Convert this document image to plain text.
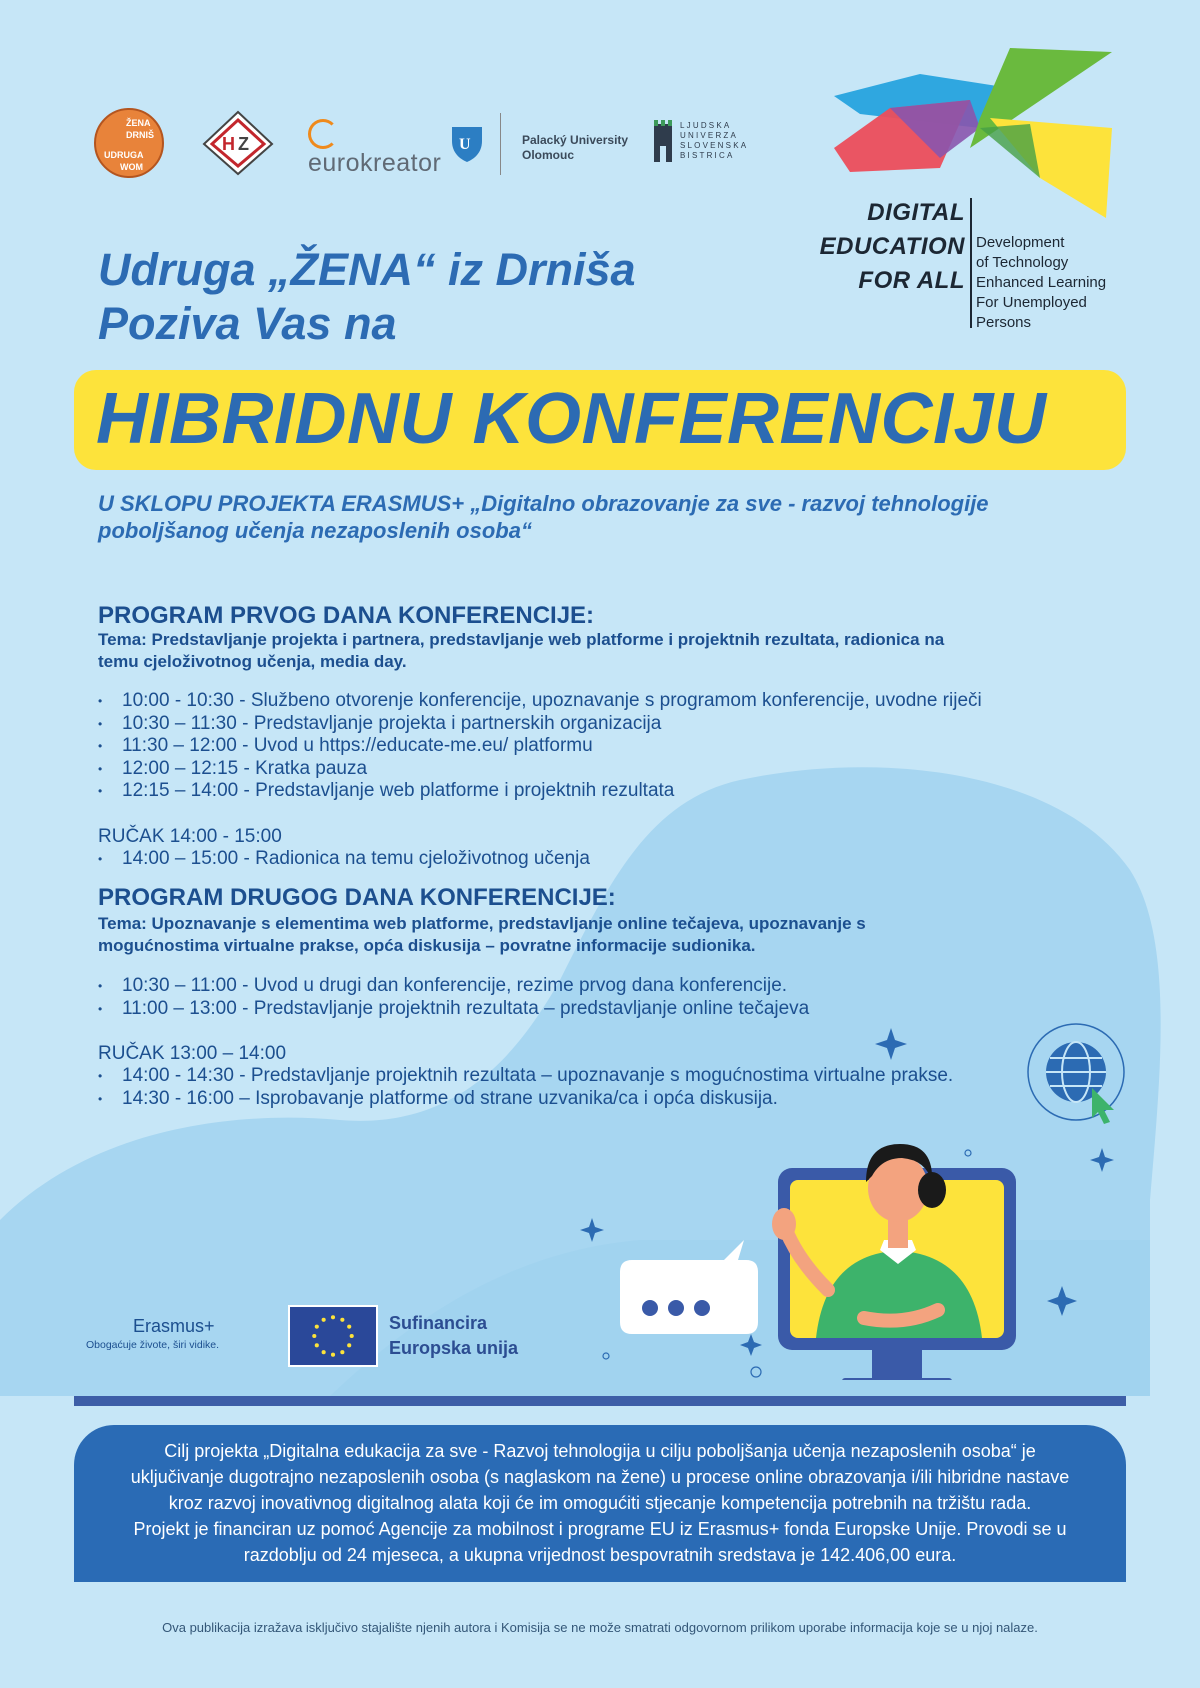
ŽENA
DRNIŠ
UDRUGA
WOM
H Z
eurokreator
U	Palacký University
Olomouc
LJUDSKA
UNIVERZA
SLOVENSKA
BISTRICA
DIGITAL
EDUCATION
FOR ALL
Development
of Technology
Enhanced Learning
For Unemployed
Persons
Udruga „ŽENA“ iz Drniša
Poziva Vas na
HIBRIDNU KONFERENCIJU
U SKLOPU PROJEKTA ERASMUS+ „Digitalno obrazovanje za sve - razvoj tehnologije poboljšanog učenja nezaposlenih osoba“
PROGRAM PRVOG DANA KONFERENCIJE:
Tema: Predstavljanje projekta i partnera, predstavljanje web platforme i projektnih rezultata, radionica na temu cjeloživotnog učenja, media day.
• 10:00 - 10:30 - Službeno otvorenje konferencije, upoznavanje s programom konferencije, uvodne riječi
• 10:30 – 11:30 - Predstavljanje projekta i partnerskih organizacija
• 11:30 – 12:00 - Uvod u https://educate-me.eu/ platformu
• 12:00 – 12:15 - Kratka pauza
• 12:15 – 14:00 - Predstavljanje web platforme i projektnih rezultata
RUČAK 14:00 - 15:00
• 14:00 – 15:00 - Radionica na temu cjeloživotnog učenja
PROGRAM DRUGOG DANA KONFERENCIJE:
Tema: Upoznavanje s elementima web platforme, predstavljanje online tečajeva, upoznavanje s mogućnostima virtualne prakse, opća diskusija – povratne informacije sudionika.
• 10:30 – 11:00 - Uvod u drugi dan konferencije, rezime prvog dana konferencije.
• 11:00 – 13:00 - Predstavljanje projektnih rezultata – predstavljanje online tečajeva
RUČAK 13:00 – 14:00
• 14:00 - 14:30 - Predstavljanje projektnih rezultata – upoznavanje s mogućnostima virtualne prakse.
• 14:30 - 16:00 – Isprobavanje platforme od strane uzvanika/ca i opća diskusija.
Erasmus+
Obogaćuje živote, širi vidike.
Sufinancira
Europska unija
Cilj projekta „Digitalna edukacija za sve - Razvoj tehnologija u cilju poboljšanja učenja nezaposlenih osoba“ je
uključivanje dugotrajno nezaposlenih osoba (s naglaskom na žene) u procese online obrazovanja i/ili hibridne nastave
kroz razvoj inovativnog digitalnog alata koji će im omogućiti stjecanje kompetencija potrebnih na tržištu rada.
Projekt je financiran uz pomoć Agencije za mobilnost i programe EU iz Erasmus+ fonda Europske Unije. Provodi se u
razdoblju od 24 mjeseca, a ukupna vrijednost bespovratnih sredstava je 142.406,00 eura.
Ova publikacija izražava isključivo stajalište njenih autora i Komisija se ne može smatrati odgovornom prilikom uporabe informacija koje se u njoj nalaze.
